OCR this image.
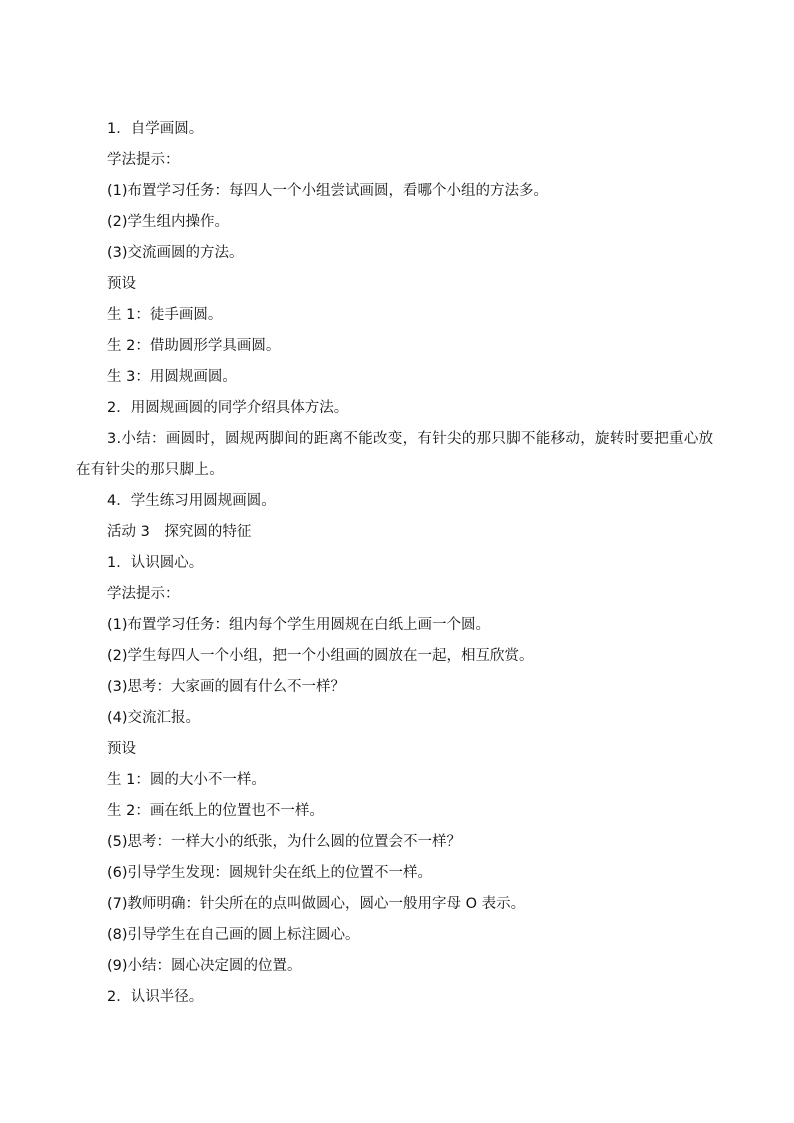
1．自学画圆。
学法提示：
(1)布置学习任务：每四人一个小组尝试画圆，看哪个小组的方法多。
(2)学生组内操作。
(3)交流画圆的方法。
预设
生 1：徒手画圆。
生 2：借助圆形学具画圆。
生 3：用圆规画圆。
2．用圆规画圆的同学介绍具体方法。
3.小结：画圆时，圆规两脚间的距离不能改变，有针尖的那只脚不能移动，旋转时要把重心放在有针尖的那只脚上。
4．学生练习用圆规画圆。
活动 3　探究圆的特征
1．认识圆心。
学法提示：
(1)布置学习任务：组内每个学生用圆规在白纸上画一个圆。
(2)学生每四人一个小组，把一个小组画的圆放在一起，相互欣赏。
(3)思考：大家画的圆有什么不一样？
(4)交流汇报。
预设
生 1：圆的大小不一样。
生 2：画在纸上的位置也不一样。
(5)思考：一样大小的纸张，为什么圆的位置会不一样？
(6)引导学生发现：圆规针尖在纸上的位置不一样。
(7)教师明确：针尖所在的点叫做圆心，圆心一般用字母 O 表示。
(8)引导学生在自己画的圆上标注圆心。
(9)小结：圆心决定圆的位置。
2．认识半径。
